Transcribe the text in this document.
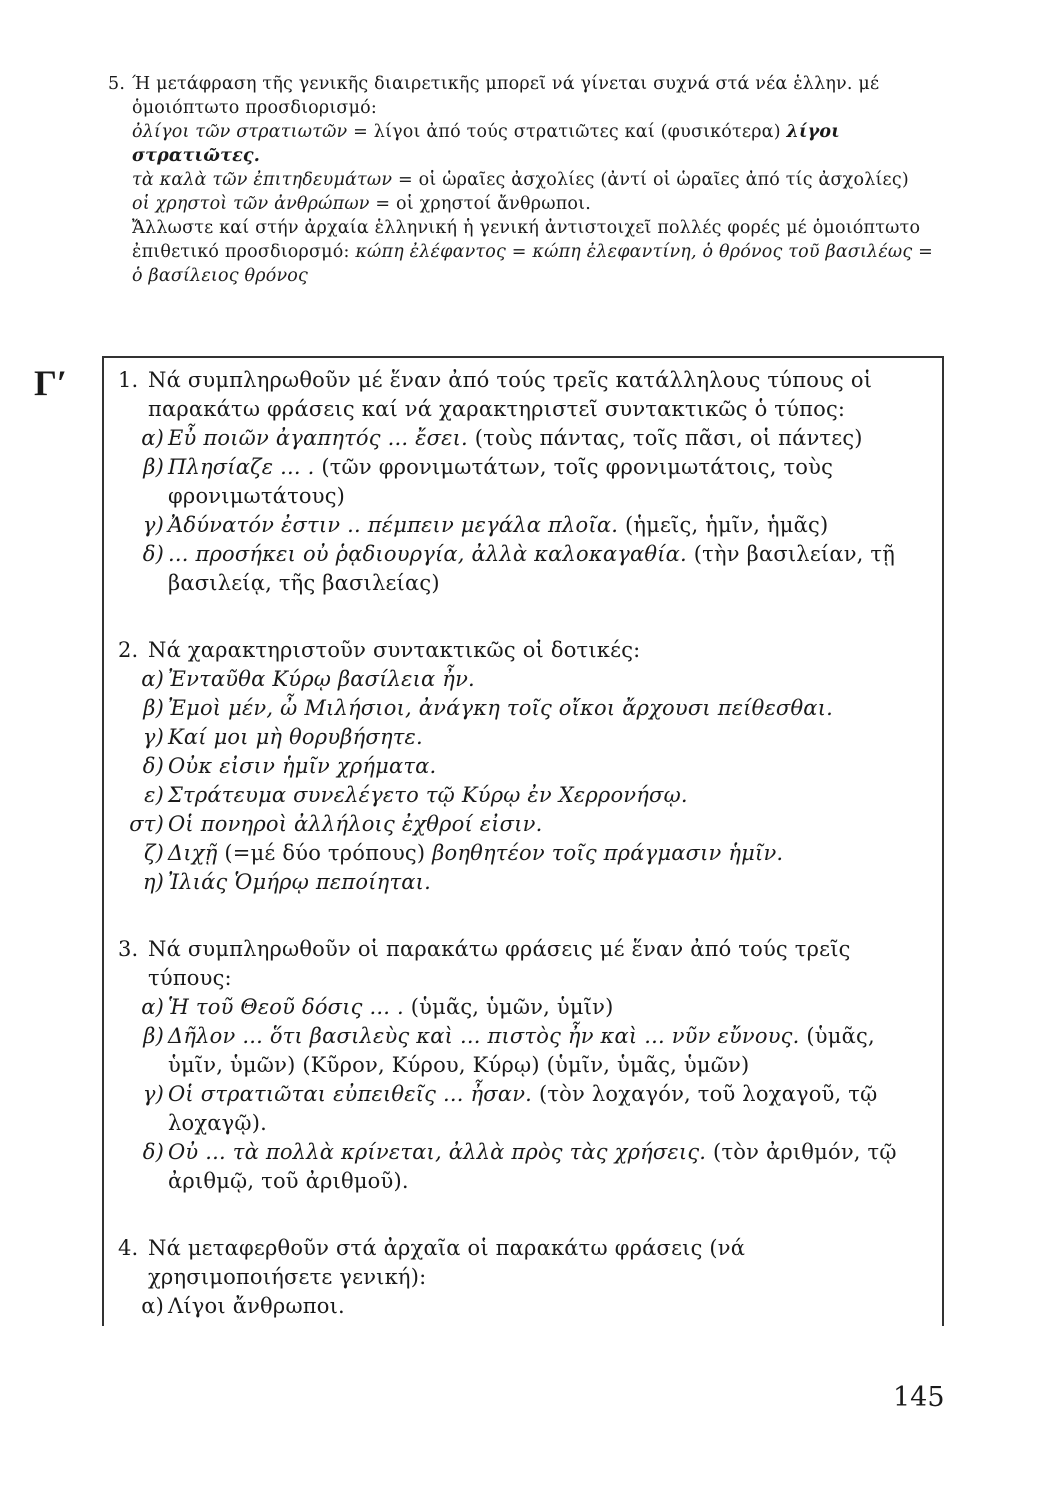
5. Ή μετάφραση τῆς γενικῆς διαιρετικῆς μπορεῖ νά γίνεται συχνά στά νέα ἑλλην. μέ ὁμοιόπτωτο προσδιορισμό:

ὀλίγοι τῶν στρατιωτῶν = λίγοι ἀπό τούς στρατιῶτες καί (φυσικότερα) λίγοι στρατιῶτες.

τὰ καλὰ τῶν ἐπιτηδευμάτων = οἱ ὡραῖες ἀσχολίες (ἀντί οἱ ὡραῖες ἀπό τίς ἀσχολίες)

οἱ χρηστοὶ τῶν ἀνθρώπων = οἱ χρηστοί ἄνθρωποι.

Ἄλλωστε καί στήν ἀρχαία ἑλληνική ἡ γενική ἀντιστοιχεῖ πολλές φορές μέ ὁμοιόπτωτο ἐπιθετικό προσδιορσμό: κώπη ἐλέφαντος = κώπη ἐλεφαντίνη, ὁ θρόνος τοῦ βασιλέως = ὁ βασίλειος θρόνος

Γ′ 1. Νά συμπληρωθοῦν μέ ἕναν ἀπό τούς τρεῖς κατάλληλους τύπους οἱ παρακάτω φράσεις καί νά χαρακτηριστεῖ συντακτικῶς ὁ τύπος:

α) Εὖ ποιῶν ἀγαπητός ... ἔσει. (τοὺς πάντας, τοῖς πᾶσι, οἱ πάντες)
β) Πλησίαζε ... . (τῶν φρονιμωτάτων, τοῖς φρονιμωτάτοις, τοὺς φρονιμωτάτους)
γ) Ἀδύνατόν ἐστιν .. πέμπειν μεγάλα πλοῖα. (ἡμεῖς, ἡμῖν, ἡμᾶς)
δ) ... προσήκει οὐ ῥᾳδιουργία, ἀλλὰ καλοκαγαθία. (τὴν βασιλείαν, τῇ βασιλείᾳ, τῆς βασιλείας)

2. Νά χαρακτηριστοῦν συντακτικῶς οἱ δοτικές:

α) Ἐνταῦθα Κύρῳ βασίλεια ἦν.
β) Ἐμοὶ μέν, ὦ Μιλήσιοι, ἀνάγκη τοῖς οἴκοι ἄρχουσι πείθεσθαι.
γ) Καί μοι μὴ θορυβήσητε.
δ) Οὐκ εἰσιν ἡμῖν χρήματα.
ε) Στράτευμα συνελέγετο τῷ Κύρῳ ἐν Χερρονήσῳ.
στ) Οἱ πονηροὶ ἀλλήλοις ἐχθροί εἰσιν.
ζ) Διχῇ (=μέ δύο τρόπους) βοηθητέον τοῖς πράγμασιν ἡμῖν.
η) Ἰλιάς Ὁμήρῳ πεποίηται.

3. Νά συμπληρωθοῦν οἱ παρακάτω φράσεις μέ ἕναν ἀπό τούς τρεῖς τύπους:

α) Ἡ τοῦ Θεοῦ δόσις ... . (ὑμᾶς, ὑμῶν, ὑμῖν)
β) Δῆλον ... ὅτι βασιλεὺς καὶ ... πιστὸς ἦν καὶ ... νῦν εὔνους. (ὑμᾶς, ὑμῖν, ὑμῶν) (Κῦρον, Κύρου, Κύρῳ) (ὑμῖν, ὑμᾶς, ὑμῶν)
γ) Οἱ στρατιῶται εὐπειθεῖς ... ἦσαν. (τὸν λοχαγόν, τοῦ λοχαγοῦ, τῷ λοχαγῷ).
δ) Οὐ ... τὰ πολλὰ κρίνεται, ἀλλὰ πρὸς τὰς χρήσεις. (τὸν ἀριθμόν, τῷ ἀριθμῷ, τοῦ ἀριθμοῦ).

4. Νά μεταφερθοῦν στά ἀρχαῖα οἱ παρακάτω φράσεις (νά χρησιμοποιήσετε γενική):

α) Λίγοι ἄνθρωποι.
145
